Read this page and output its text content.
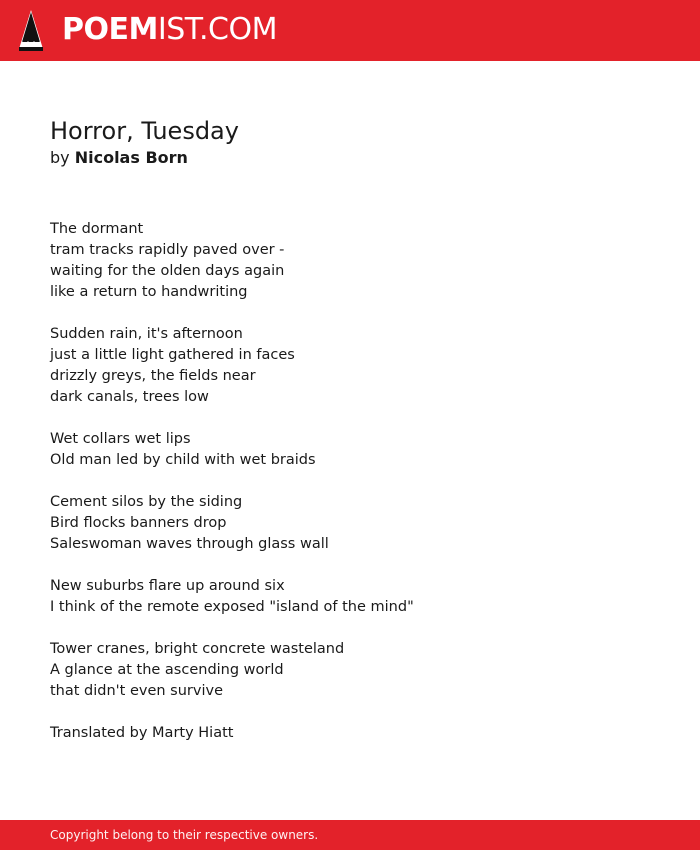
POEMIST.COM
Horror, Tuesday
by Nicolas Born
The dormant
tram tracks rapidly paved over -
waiting for the olden days again
like a return to handwriting
Sudden rain, it's afternoon
just a little light gathered in faces
drizzly greys, the fields near
dark canals, trees low
Wet collars wet lips
Old man led by child with wet braids
Cement silos by the siding
Bird flocks banners drop
Saleswoman waves through glass wall
New suburbs flare up around six
I think of the remote exposed "island of the mind"
Tower cranes, bright concrete wasteland
A glance at the ascending world
that didn't even survive
Translated by Marty Hiatt
Copyright belong to their respective owners.
